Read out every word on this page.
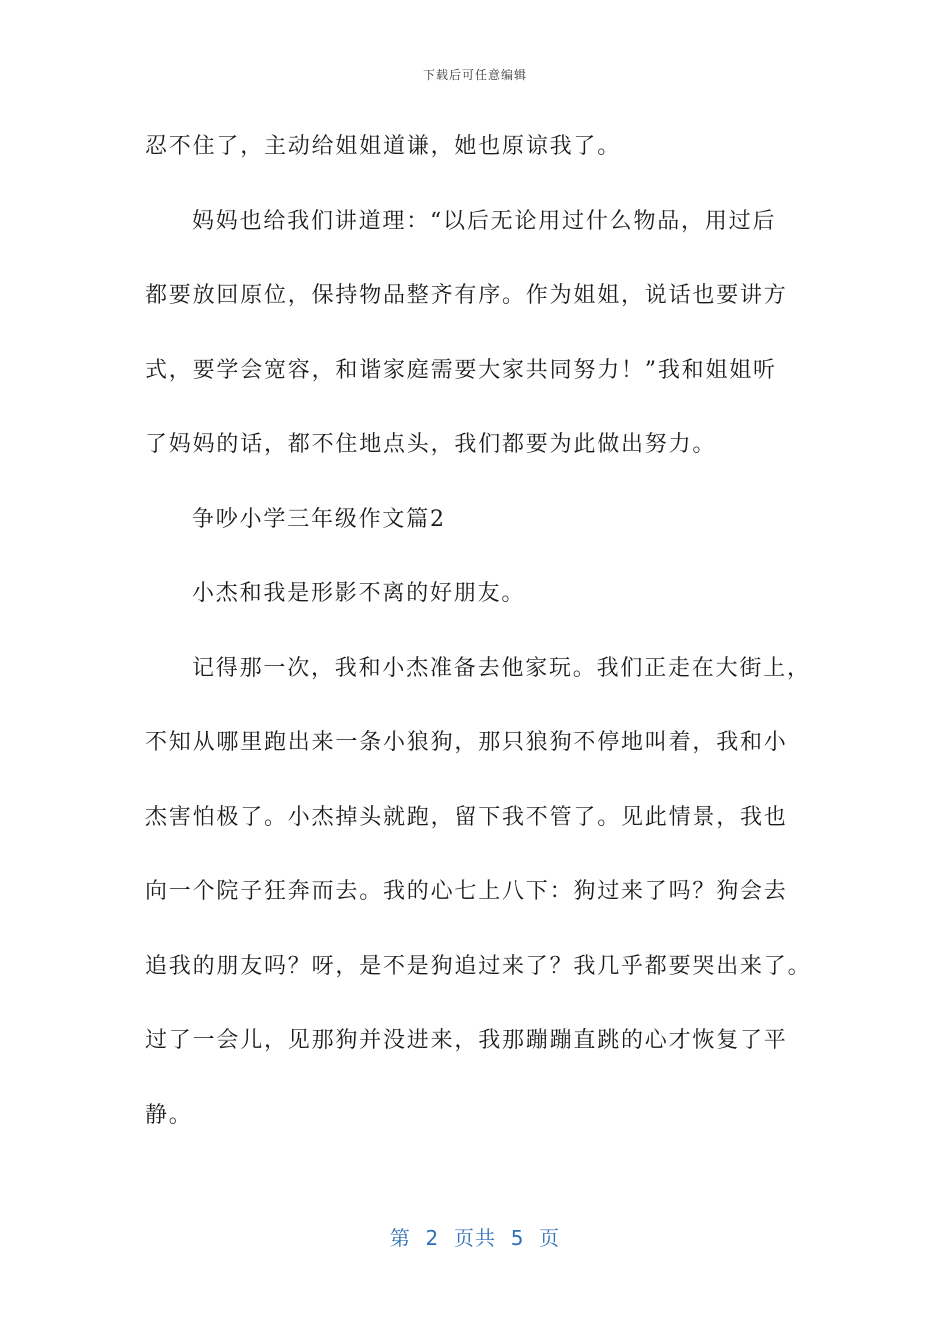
下载后可任意编辑
忍不住了，主动给姐姐道谦，她也原谅我了。
妈妈也给我们讲道理：“以后无论用过什么物品，用过后
都要放回原位，保持物品整齐有序。作为姐姐，说话也要讲方
式，要学会宽容，和谐家庭需要大家共同努力！”我和姐姐听
了妈妈的话，都不住地点头，我们都要为此做出努力。
争吵小学三年级作文篇2
小杰和我是形影不离的好朋友。
记得那一次，我和小杰准备去他家玩。我们正走在大街上，
不知从哪里跑出来一条小狼狗，那只狼狗不停地叫着，我和小
杰害怕极了。小杰掉头就跑，留下我不管了。见此情景，我也
向一个院子狂奔而去。我的心七上八下：狗过来了吗？狗会去
追我的朋友吗？呀，是不是狗追过来了？我几乎都要哭出来了。
过了一会儿，见那狗并没进来，我那蹦蹦直跳的心才恢复了平
静。
第  2  页共  5  页
